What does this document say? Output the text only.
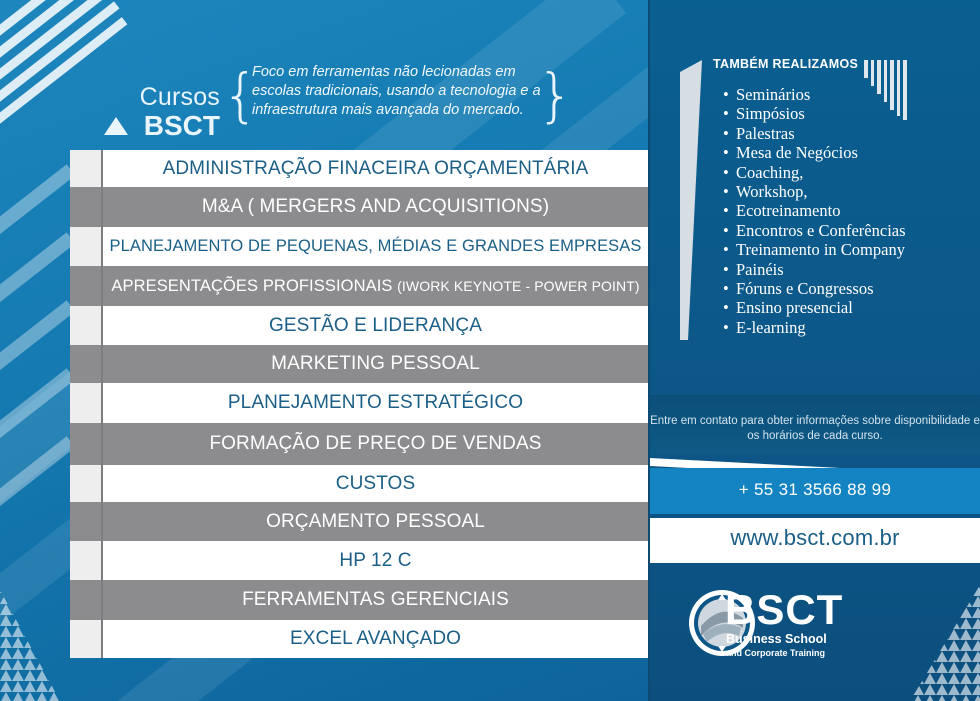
Cursos
BSCT {	}
Foco em ferramentas não lecionadas em escolas tradicionais, usando a tecnologia e a infraestrutura mais avançada do mercado.
ADMINISTRAÇÃO FINACEIRA ORÇAMENTÁRIA
M&A ( MERGERS AND ACQUISITIONS)
PLANEJAMENTO DE PEQUENAS, MÉDIAS E GRANDES EMPRESAS
APRESENTAÇÕES PROFISSIONAIS
(IWORK KEYNOTE - POWER POINT)
GESTÃO E LIDERANÇA
MARKETING PESSOAL
PLANEJAMENTO ESTRATÉGICO
FORMAÇÃO DE PREÇO DE VENDAS
CUSTOS
ORÇAMENTO PESSOAL
HP 12 C
FERRAMENTAS GERENCIAIS
EXCEL AVANÇADO
TAMBÉM REALIZAMOS
• Seminários
• Simpósios
• Palestras
• Mesa de Negócios
• Coaching,
• Workshop,
• Ecotreinamento
• Encontros e Conferências
• Treinamento in Company
• Painéis
• Fóruns e Congressos
• Ensino presencial
• E-learning
Entre em contato para obter informações sobre disponibilidade e os horários de cada curso.
+ 55 31 3566 88 99
www.bsct.com.br
BSCT
Business School
and Corporate Training
